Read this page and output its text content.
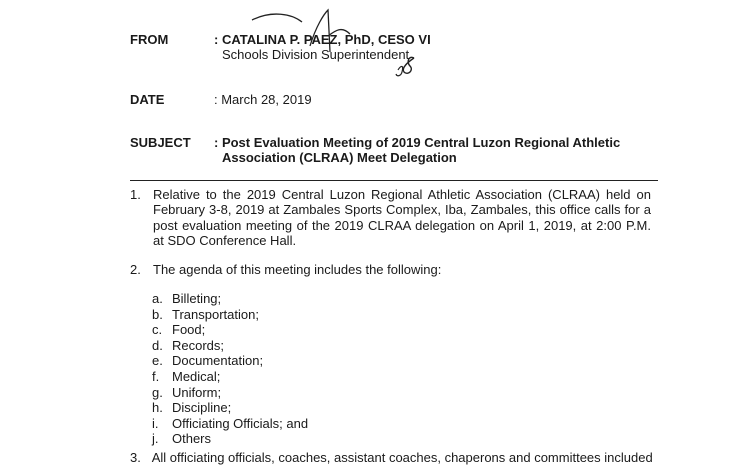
FROM	: CATALINA P. PAEZ, PhD, CESO VI
Schools Division Superintendent
DATE	: March 28, 2019
SUBJECT : Post Evaluation Meeting of 2019 Central Luzon Regional Athletic
Association (CLRAA) Meet Delegation
1. Relative to the 2019 Central Luzon Regional Athletic Association (CLRAA) held on February 3-8, 2019 at Zambales Sports Complex, Iba, Zambales, this office calls for a post evaluation meeting of the 2019 CLRAA delegation on April 1, 2019, at 2:00 P.M. at SDO Conference Hall.
2. The agenda of this meeting includes the following:
a. Billeting;
b. Transportation;
c. Food;
d. Records;
e. Documentation;
f. Medical;
g. Uniform;
h. Discipline;
i.	Officiating Officials; and
j.	Others
3. All officiating officials, coaches, assistant coaches, chaperons and committees included
